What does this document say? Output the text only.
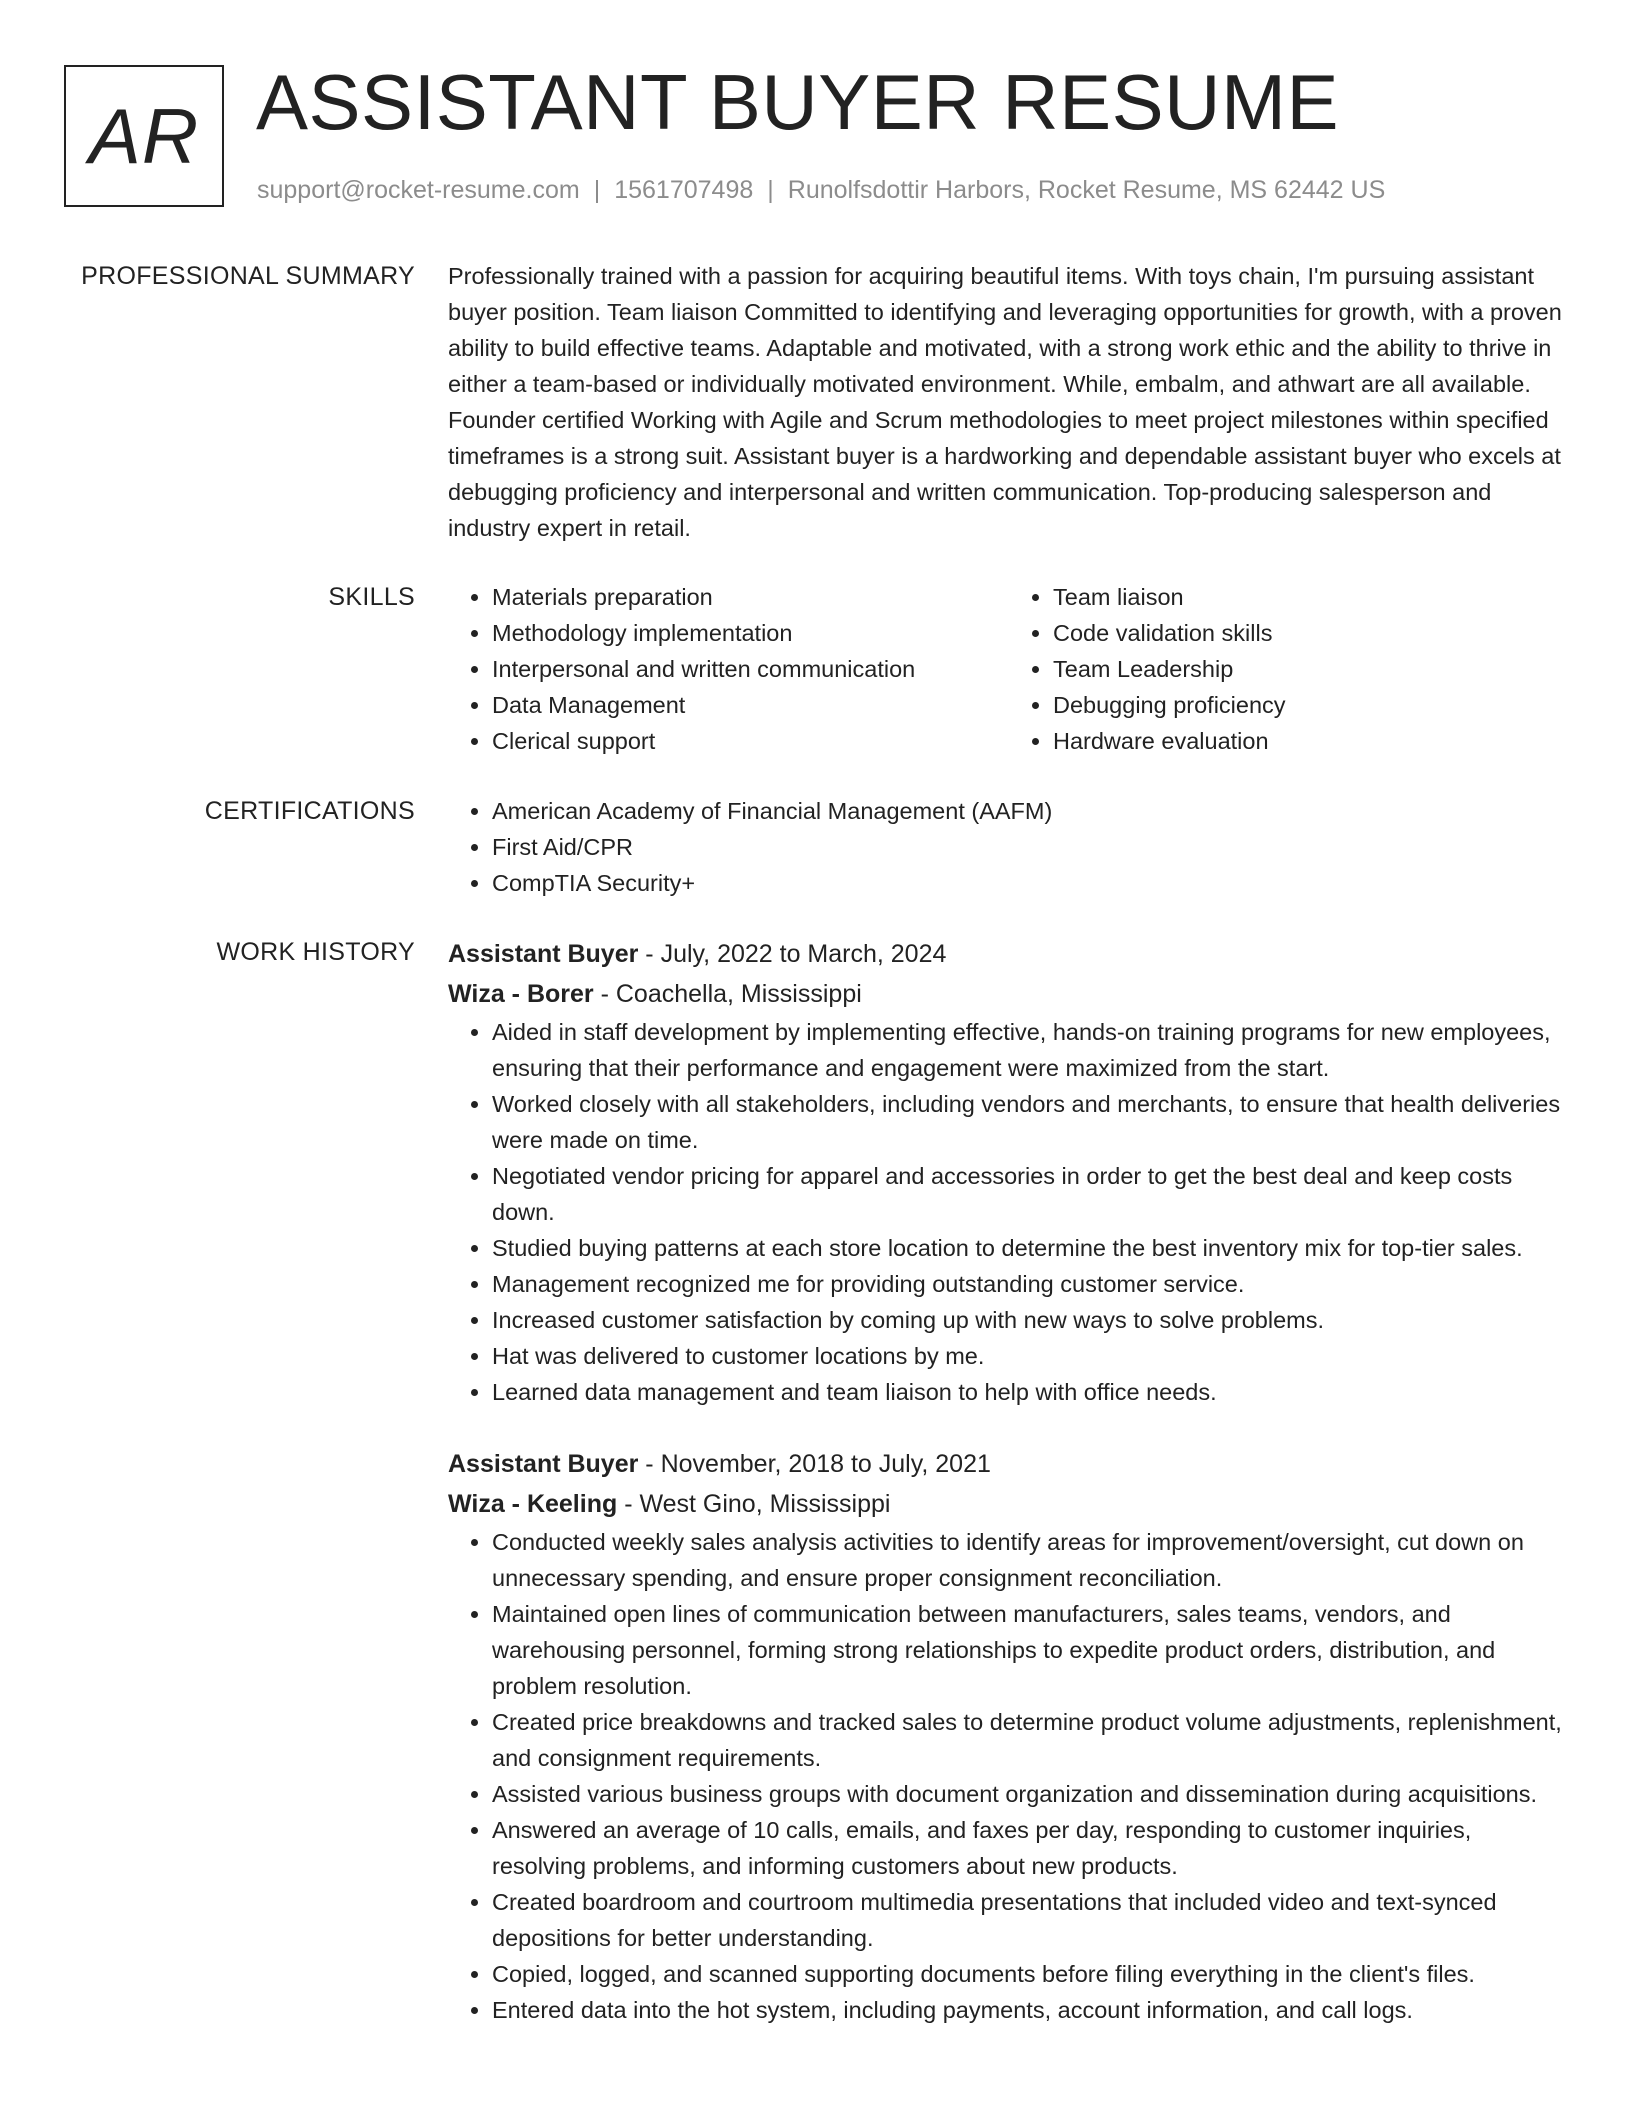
AR ASSISTANT BUYER RESUME
support@rocket-resume.com | 1561707498 | Runolfsdottir Harbors, Rocket Resume, MS 62442 US
PROFESSIONAL SUMMARY Professionally trained with a passion for acquiring beautiful items. With toys chain, I'm pursuing assistant buyer position. Team liaison Committed to identifying and leveraging opportunities for growth, with a proven ability to build effective teams. Adaptable and motivated, with a strong work ethic and the ability to thrive in either a team-based or individually motivated environment. While, embalm, and athwart are all available. Founder certified Working with Agile and Scrum methodologies to meet project milestones within specified timeframes is a strong suit. Assistant buyer is a hardworking and dependable assistant buyer who excels at debugging proficiency and interpersonal and written communication. Top-producing salesperson and industry expert in retail.

SKILLS	• Materials preparation
• Methodology implementation
• Interpersonal and written communication
• Data Management
• Clerical support
• Team liaison
• Code validation skills
• Team Leadership
• Debugging proficiency
• Hardware evaluation
CERTIFICATIONS	• American Academy of Financial Management (AAFM)
• First Aid/CPR
• CompTIA Security+
WORK HISTORY Assistant Buyer - July, 2022 to March, 2024
Wiza - Borer - Coachella, Mississippi
• Aided in staff development by implementing effective, hands-on training programs for new employees, ensuring that their performance and engagement were maximized from the start.
• Worked closely with all stakeholders, including vendors and merchants, to ensure that health deliveries were made on time.
• Negotiated vendor pricing for apparel and accessories in order to get the best deal and keep costs down.
• Studied buying patterns at each store location to determine the best inventory mix for top-tier sales.
• Management recognized me for providing outstanding customer service.
• Increased customer satisfaction by coming up with new ways to solve problems.
• Hat was delivered to customer locations by me.
• Learned data management and team liaison to help with office needs.
Assistant Buyer - November, 2018 to July, 2021
Wiza - Keeling - West Gino, Mississippi
• Conducted weekly sales analysis activities to identify areas for improvement/oversight, cut down on unnecessary spending, and ensure proper consignment reconciliation.
• Maintained open lines of communication between manufacturers, sales teams, vendors, and warehousing personnel, forming strong relationships to expedite product orders, distribution, and problem resolution.
• Created price breakdowns and tracked sales to determine product volume adjustments, replenishment, and consignment requirements.
• Assisted various business groups with document organization and dissemination during acquisitions.
• Answered an average of 10 calls, emails, and faxes per day, responding to customer inquiries, resolving problems, and informing customers about new products.
• Created boardroom and courtroom multimedia presentations that included video and text-synced depositions for better understanding.
• Copied, logged, and scanned supporting documents before filing everything in the client's files.
• Entered data into the hot system, including payments, account information, and call logs.
